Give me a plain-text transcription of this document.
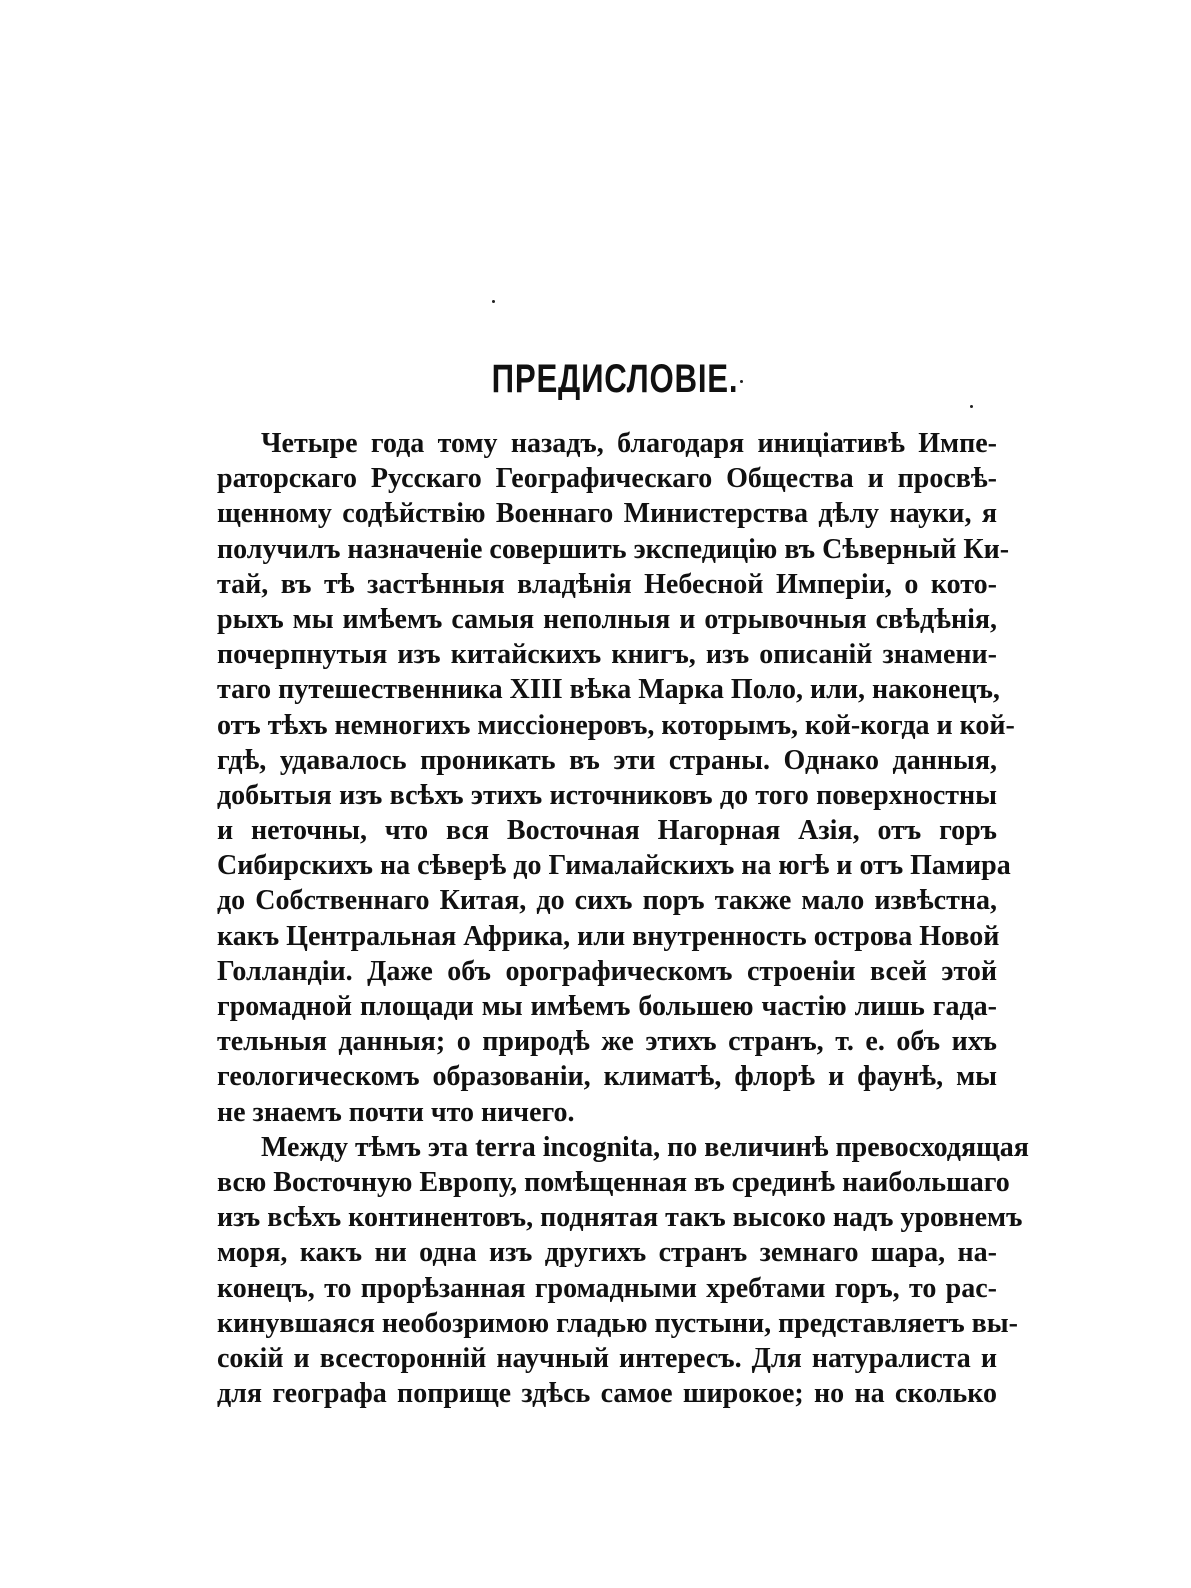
ПРЕДИСЛОВІЕ.
Четыре года тому назадъ, благодаря иниціативѣ Импе-
раторскаго Русскаго Географическаго Общества и просвѣ-
щенному содѣйствію Военнаго Министерства дѣлу науки, я
получилъ назначеніе совершить экспедицію въ Сѣверный Ки-
тай, въ тѣ застѣнныя владѣнія Небесной Имперіи, о кото-
рыхъ мы имѣемъ самыя неполныя и отрывочныя свѣдѣнія,
почерпнутыя изъ китайскихъ книгъ, изъ описаній знамени-
таго путешественника XIII вѣка Марка Поло, или, наконецъ,
отъ тѣхъ немногихъ миссіонеровъ, которымъ, кой-когда и кой-
гдѣ, удавалось проникать въ эти страны. Однако данныя,
добытыя изъ всѣхъ этихъ источниковъ до того поверхностны
и неточны, что вся Восточная Нагорная Азія, отъ горъ
Сибирскихъ на сѣверѣ до Гималайскихъ на югѣ и отъ Памира
до Собственнаго Китая, до сихъ поръ также мало извѣстна,
какъ Центральная Африка, или внутренность острова Новой
Голландіи. Даже объ орографическомъ строеніи всей этой
громадной площади мы имѣемъ большею частію лишь гада-
тельныя данныя; о природѣ же этихъ странъ, т. е. объ ихъ
геологическомъ образованіи, климатѣ, флорѣ и фаунѣ, мы
не знаемъ почти что ничего.
Между тѣмъ эта terra incognita, по величинѣ превосходящая
всю Восточную Европу, помѣщенная въ срединѣ наибольшаго
изъ всѣхъ континентовъ, поднятая такъ высоко надъ уровнемъ
моря, какъ ни одна изъ другихъ странъ земнаго шара, на-
конецъ, то прорѣзанная громадными хребтами горъ, то рас-
кинувшаяся необозримою гладью пустыни, представляетъ вы-
сокій и всесторонній научный интересъ. Для натуралиста и
для географа поприще здѣсь самое широкое; но на сколько
